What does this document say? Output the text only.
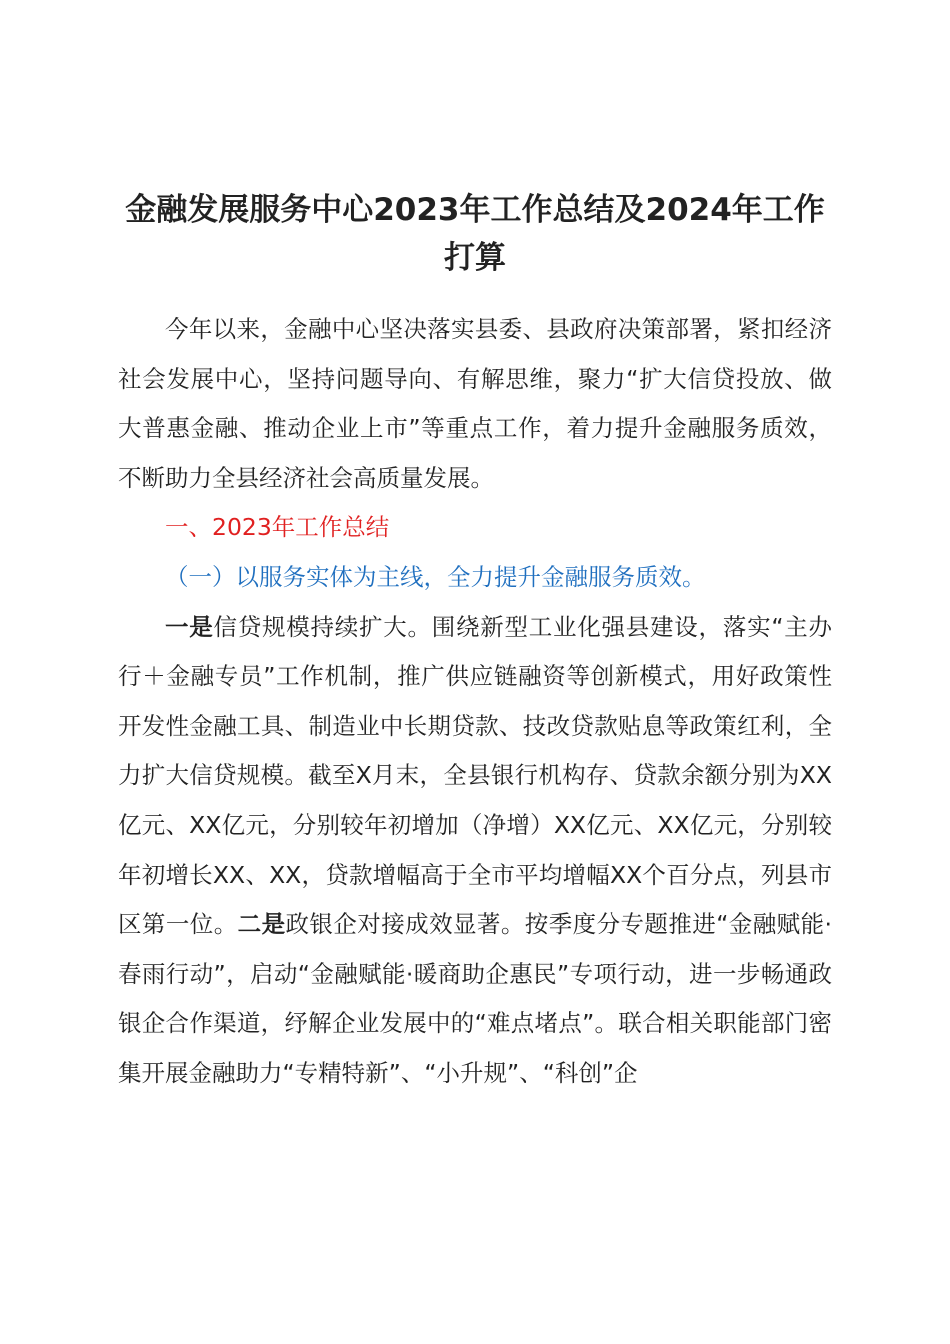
金融发展服务中心2023年工作总结及2024年工作打算

今年以来，金融中心坚决落实县委、县政府决策部署，紧扣经济社会发展中心，坚持问题导向、有解思维，聚力“扩大信贷投放、做大普惠金融、推动企业上市”等重点工作，着力提升金融服务质效，不断助力全县经济社会高质量发展。

一、2023年工作总结

（一）以服务实体为主线，全力提升金融服务质效。

一是信贷规模持续扩大。围绕新型工业化强县建设，落实“主办行＋金融专员”工作机制，推广供应链融资等创新模式，用好政策性开发性金融工具、制造业中长期贷款、技改贷款贴息等政策红利，全力扩大信贷规模。截至X月末，全县银行机构存、贷款余额分别为XX亿元、XX亿元，分别较年初增加（净增）XX亿元、XX亿元，分别较年初增长XX、XX，贷款增幅高于全市平均增幅XX个百分点，列县市区第一位。二是政银企对接成效显著。按季度分专题推进“金融赋能·春雨行动”，启动“金融赋能·暖商助企惠民”专项行动，进一步畅通政银企合作渠道，纾解企业发展中的“难点堵点”。联合相关职能部门密集开展金融助力“专精特新”、“小升规”、“科创”企
